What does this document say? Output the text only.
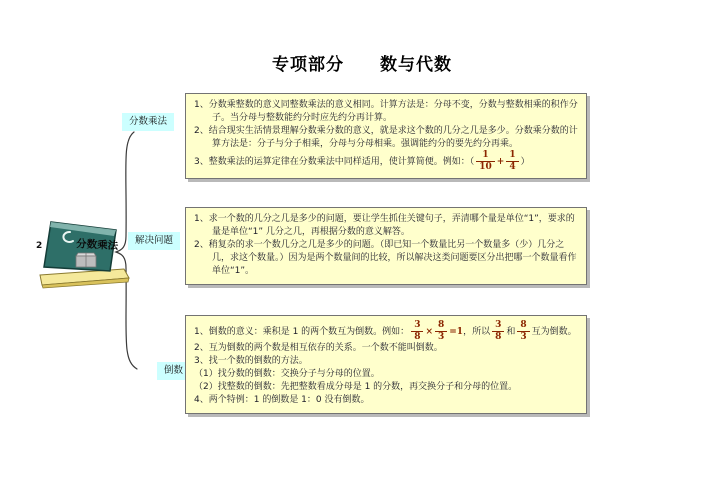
专项部分　　数与代数
2	分数乘法
分数乘法
解决问题
倒数
1、分数乘整数的意义同整数乘法的意义相同。计算方法是：分母不变，分数与整数相乘的积作分子。当分母与整数能约分时应先约分再计算。
2、结合现实生活情景理解分数乘分数的意义，就是求这个数的几分之几是多少。分数乘分数的计算方法是：分子与分子相乘，分母与分母相乘。强调能约分的要先约分再乘。
3、整数乘法的运算定律在分数乘法中同样适用，使计算简便。例如：（ $\frac{1}{10} + \frac{1}{4}$ ）
1、求一个数的几分之几是多少的问题，要让学生抓住关键句子，弄清哪个量是单位“1”，要求的量是单位“1” 几分之几，再根据分数的意义解答。
2、稍复杂的求一个数几分之几是多少的问题。（即已知一个数量比另一个数量多（少）几分之几，求这个数量。）因为是两个数量间的比较，所以解决这类问题要区分出把哪一个数量看作单位“1”。
1、倒数的意义：乘积是 1 的两个数互为倒数。例如： $\frac{3}{8} \times \frac{8}{3} =1$，所以 $\frac{3}{8}$ 和 $\frac{8}{3}$ 互为倒数。
2、互为倒数的两个数是相互依存的关系。一个数不能叫倒数。
3、找一个数的倒数的方法。
（1）找分数的倒数：交换分子与分母的位置。
（2）找整数的倒数：先把整数看成分母是 1 的分数，再交换分子和分母的位置。
4、两个特例：1 的倒数是 1：0 没有倒数。
